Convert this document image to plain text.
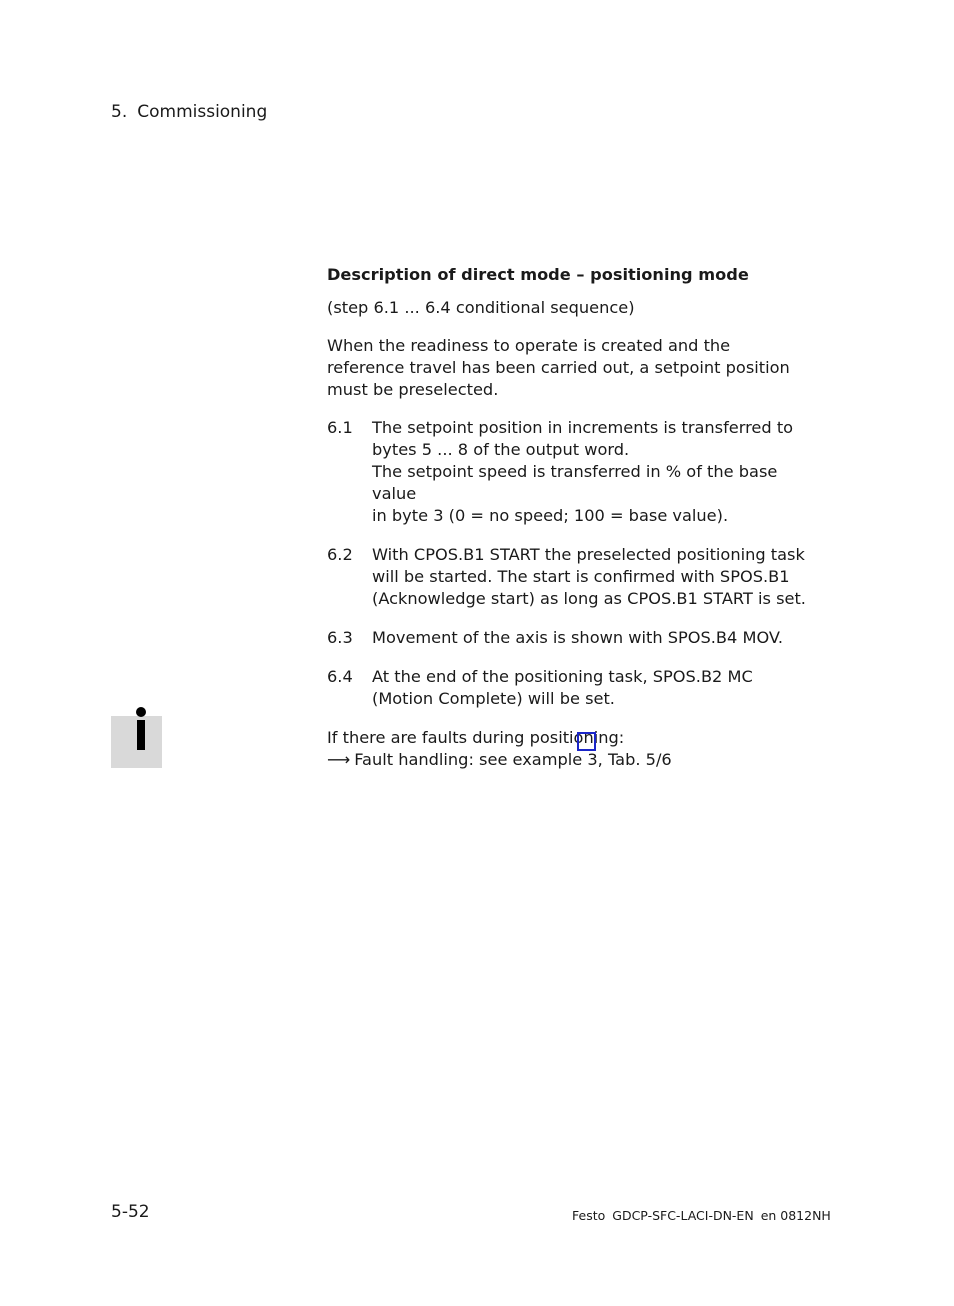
5. Commissioning
Description of direct mode – positioning mode
(step 6.1 ... 6.4 conditional sequence)
When the readiness to operate is created and the reference travel has been carried out, a setpoint position must be preselected.
6.1	The setpoint position in increments is transferred to
bytes 5 ... 8 of the output word.
The setpoint speed is transferred in % of the base value
in byte 3 (0 = no speed; 100 = base value).
6.2	With CPOS.B1 START the preselected positioning task
will be started. The start is confirmed with SPOS.B1
(Acknowledge start) as long as CPOS.B1 START is set.
6.3	Movement of the axis is shown with SPOS.B4 MOV.
6.4	At the end of the positioning task, SPOS.B2 MC
(Motion Complete) will be set.
If there are faults during positioning:
⟶ Fault handling: see example 3, Tab. 5/6
5-52	Festo GDCP-SFC-LACI-DN-EN en 0812NH
